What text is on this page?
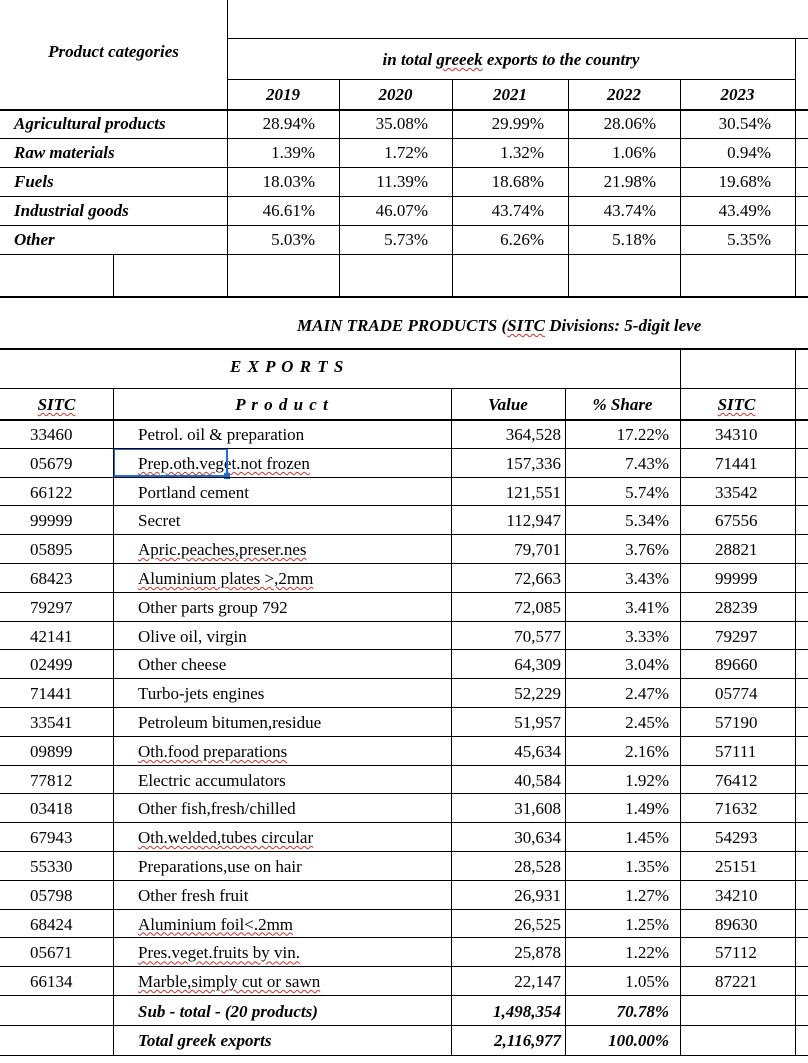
Product categories	in total greeek exports to the country
2019	2020	2021	2022	2023
Agricultural products	28.94%	35.08%	29.99%	28.06%	30.54%
Raw materials	1.39%	1.72%	1.32%	1.06%	0.94%
Fuels	18.03%	11.39%	18.68%	21.98%	19.68%
Industrial goods	46.61%	46.07%	43.74%	43.74%	43.49%
Other	5.03%	5.73%	6.26%	5.18%	5.35%
MAIN TRADE PRODUCTS (SITC Divisions: 5-digit leve
E X P O R T S
SITC	P r o d u c t	Value	% Share	SITC
33460	Petrol. oil & preparation	364,528	17.22%	34310
05679	Prep.oth.veget.not frozen	157,336	7.43%	71441
66122	Portland cement	121,551	5.74%	33542
99999	Secret	112,947	5.34%	67556
05895	Apric.peaches,preser.nes	79,701	3.76%	28821
68423	Aluminium plates >,2mm	72,663	3.43%	99999
79297	Other parts group 792	72,085	3.41%	28239
42141	Olive oil, virgin	70,577	3.33%	79297
02499	Other cheese	64,309	3.04%	89660
71441	Turbo-jets engines	52,229	2.47%	05774
33541	Petroleum bitumen,residue	51,957	2.45%	57190
09899	Oth.food preparations	45,634	2.16%	57111
77812	Electric accumulators	40,584	1.92%	76412
03418	Other fish,fresh/chilled	31,608	1.49%	71632
67943	Oth.welded,tubes circular	30,634	1.45%	54293
55330	Preparations,use on hair	28,528	1.35%	25151
05798	Other fresh fruit	26,931	1.27%	34210
68424	Aluminium foil<.2mm	26,525	1.25%	89630
05671	Pres.veget.fruits by vin.	25,878	1.22%	57112
66134	Marble,simply cut or sawn	22,147	1.05%	87221
Sub - total - (20 products)	1,498,354	70.78%
Total greek exports	2,116,977	100.00%
